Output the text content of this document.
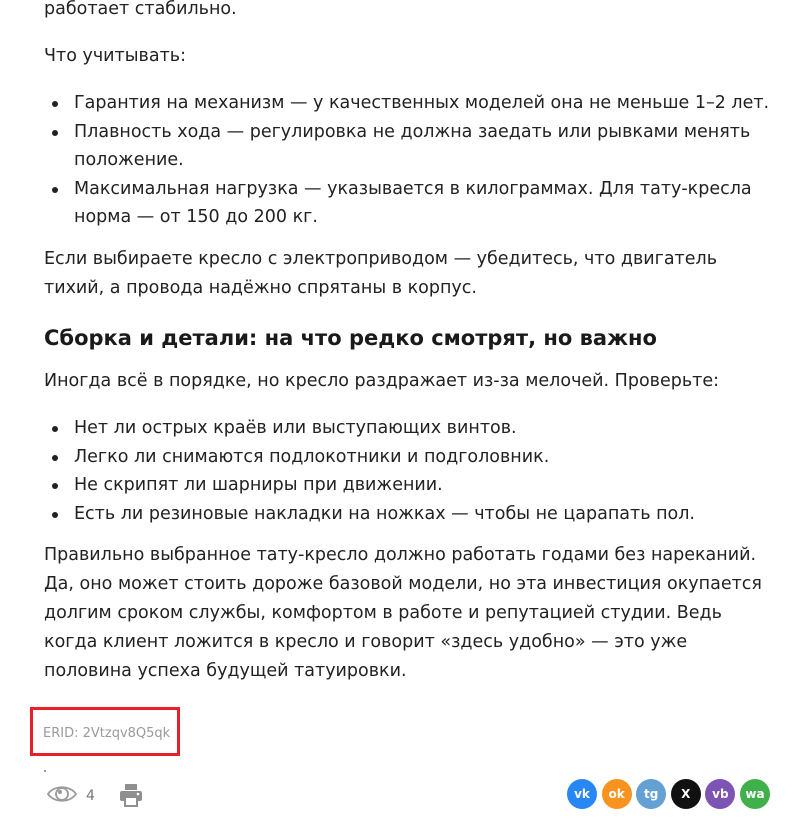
работает стабильно.

Что учитывать:

Гарантия на механизм — у качественных моделей она не меньше 1–2 лет.
Плавность хода — регулировка не должна заедать или рывками менять положение.
Максимальная нагрузка — указывается в килограммах. Для тату-кресла норма — от 150 до 200 кг.

Если выбираете кресло с электроприводом — убедитесь, что двигатель тихий, а провода надёжно спрятаны в корпус.

Сборка и детали: на что редко смотрят, но важно

Иногда всё в порядке, но кресло раздражает из-за мелочей. Проверьте:

Нет ли острых краёв или выступающих винтов.
Легко ли снимаются подлокотники и подголовник.
Не скрипят ли шарниры при движении.
Есть ли резиновые накладки на ножках — чтобы не царапать пол.

Правильно выбранное тату-кресло должно работать годами без нареканий. Да, оно может стоить дороже базовой модели, но эта инвестиция окупается долгим сроком службы, комфортом в работе и репутацией студии. Ведь когда клиент ложится в кресло и говорит «здесь удобно» — это уже половина успеха будущей татуировки.

ERID: 2Vtzqv8Q5qk
4	vk ok tg X vb wa
